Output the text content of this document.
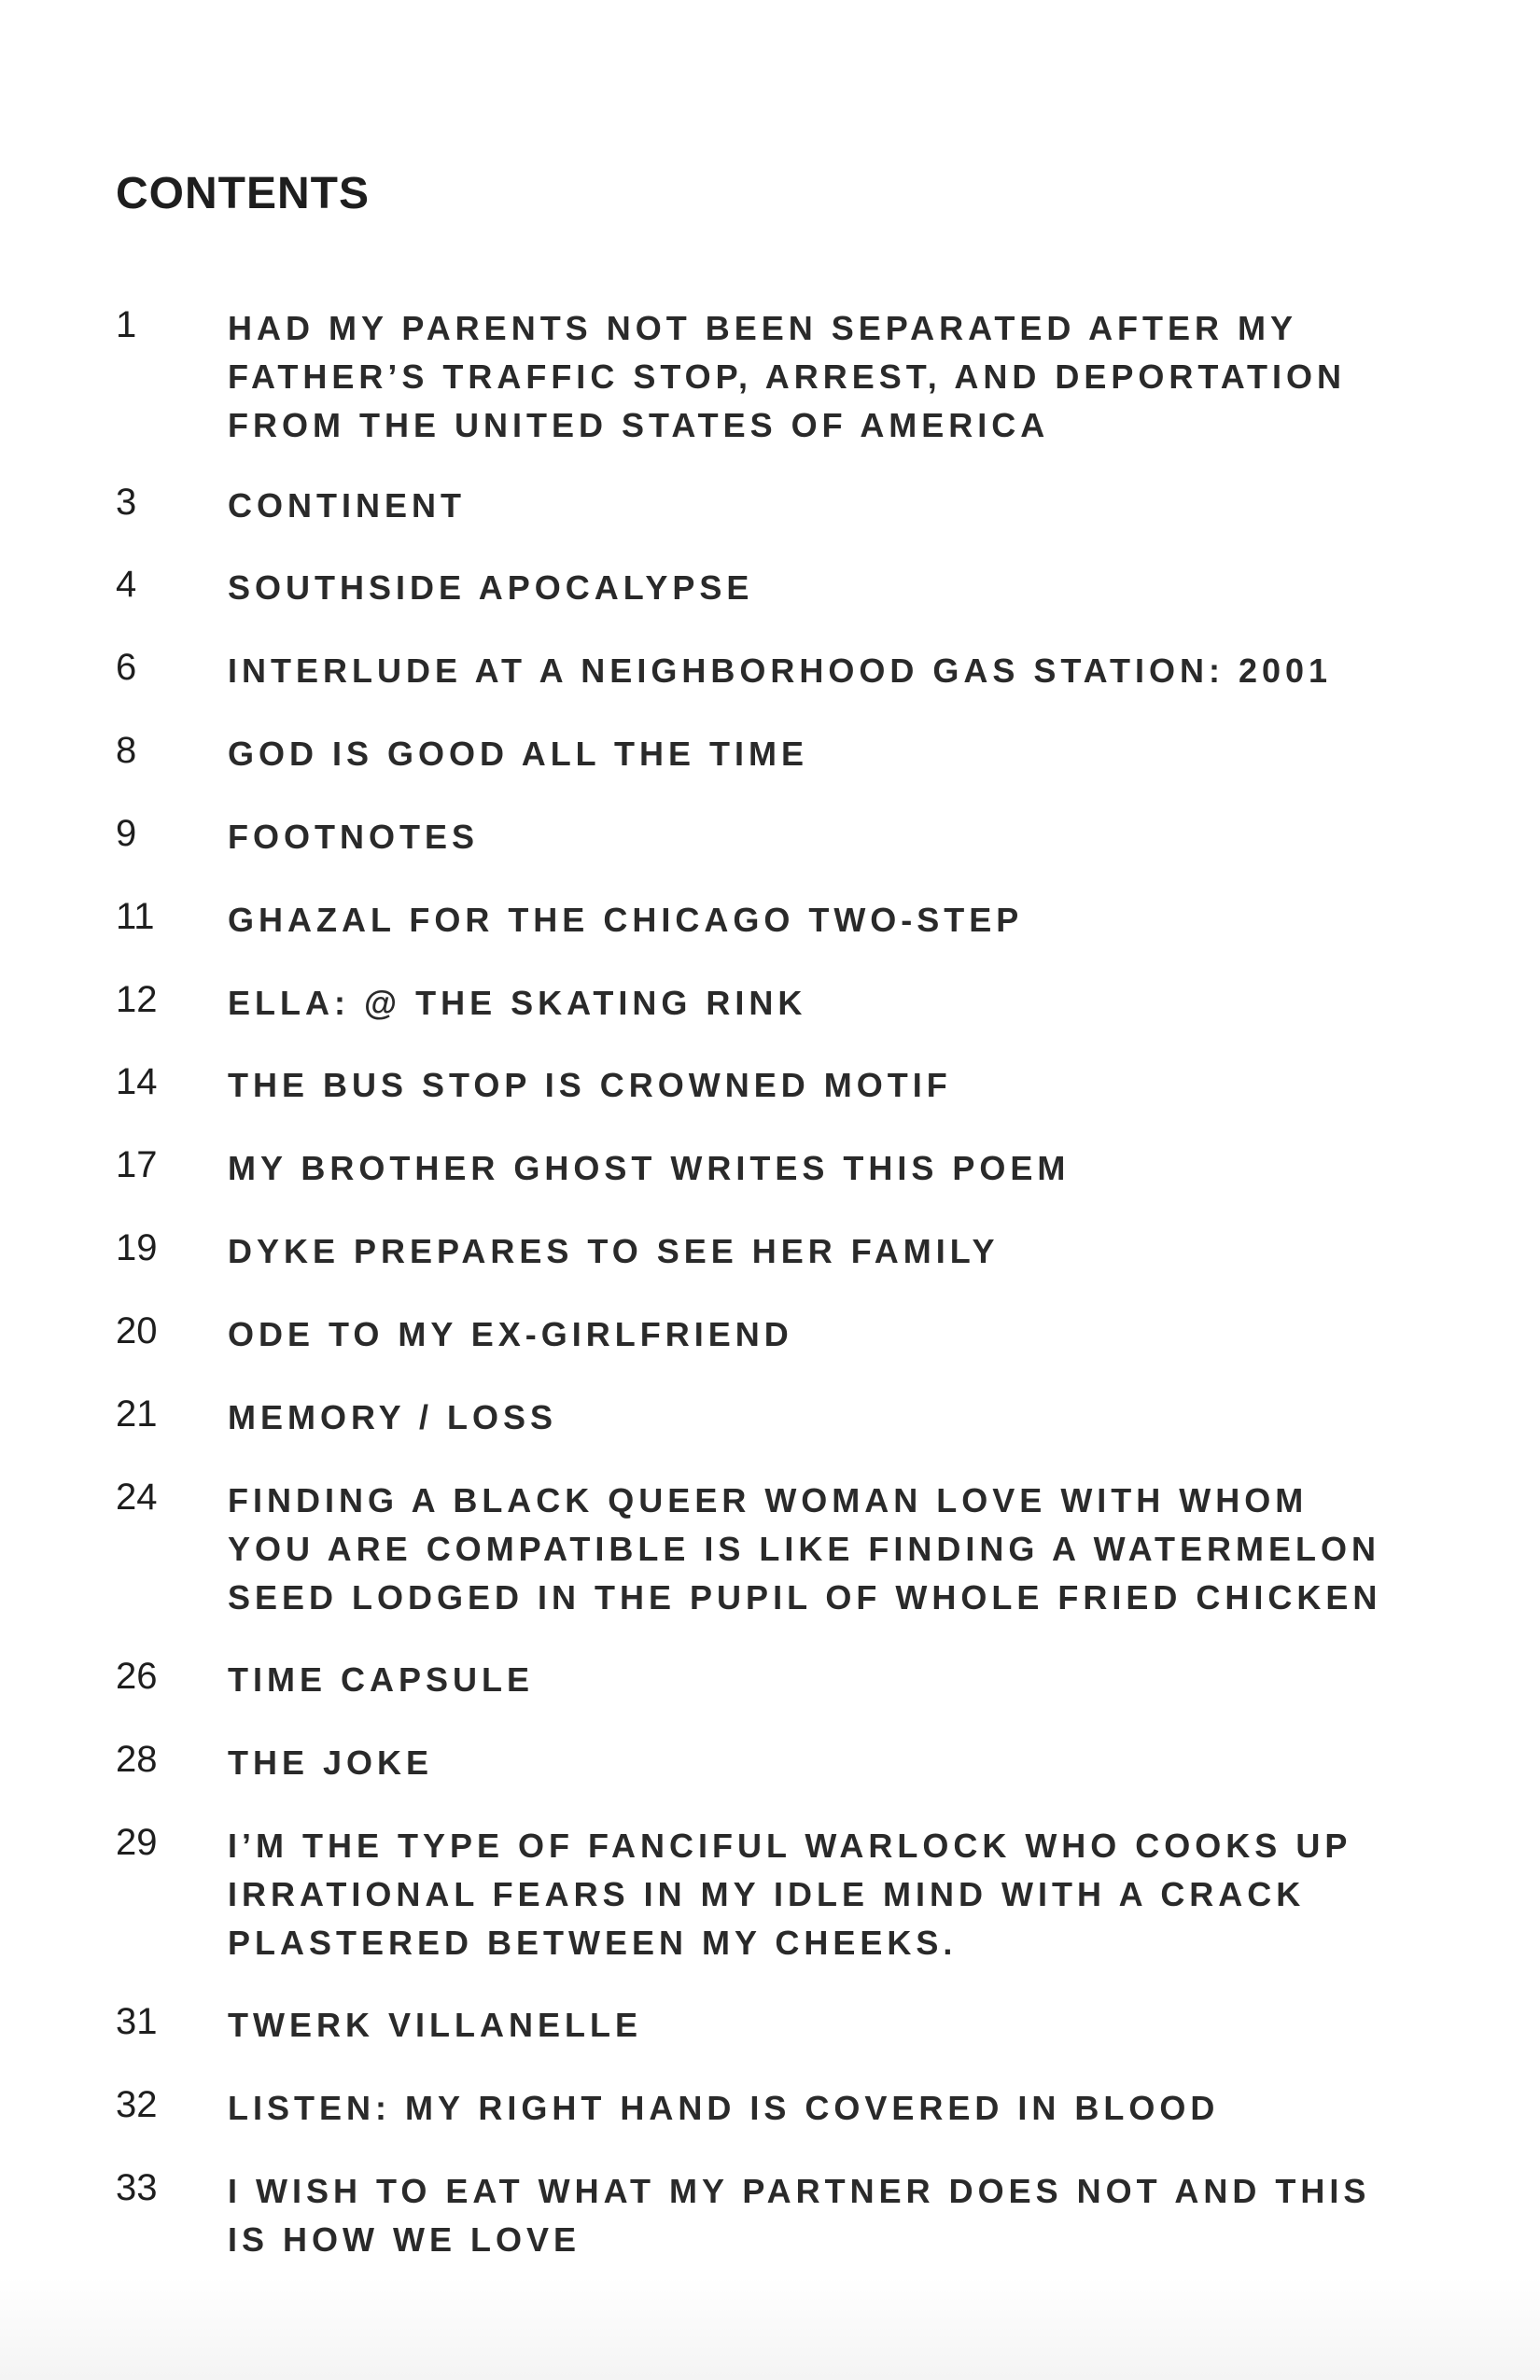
CONTENTS
1	HAD MY PARENTS NOT BEEN SEPARATED AFTER MY
FATHER’S TRAFFIC STOP, ARREST, AND DEPORTATION
FROM THE UNITED STATES OF AMERICA
3	CONTINENT
4	SOUTHSIDE APOCALYPSE
6	INTERLUDE AT A NEIGHBORHOOD GAS STATION: 2001
8	GOD IS GOOD ALL THE TIME
9	FOOTNOTES
11 GHAZAL FOR THE CHICAGO TWO-STEP
12 ELLA: @ THE SKATING RINK
14 THE BUS STOP IS CROWNED MOTIF
17 MY BROTHER GHOST WRITES THIS POEM
19 DYKE PREPARES TO SEE HER FAMILY
20 ODE TO MY EX-GIRLFRIEND
21 MEMORY / LOSS
24 FINDING A BLACK QUEER WOMAN LOVE WITH WHOM
YOU ARE COMPATIBLE IS LIKE FINDING A WATERMELON
SEED LODGED IN THE PUPIL OF WHOLE FRIED CHICKEN
26 TIME CAPSULE
28 THE JOKE
29 I’M THE TYPE OF FANCIFUL WARLOCK WHO COOKS UP
IRRATIONAL FEARS IN MY IDLE MIND WITH A CRACK
PLASTERED BETWEEN MY CHEEKS.
31 TWERK VILLANELLE
32 LISTEN: MY RIGHT HAND IS COVERED IN BLOOD
33 I WISH TO EAT WHAT MY PARTNER DOES NOT AND THIS
IS HOW WE LOVE
